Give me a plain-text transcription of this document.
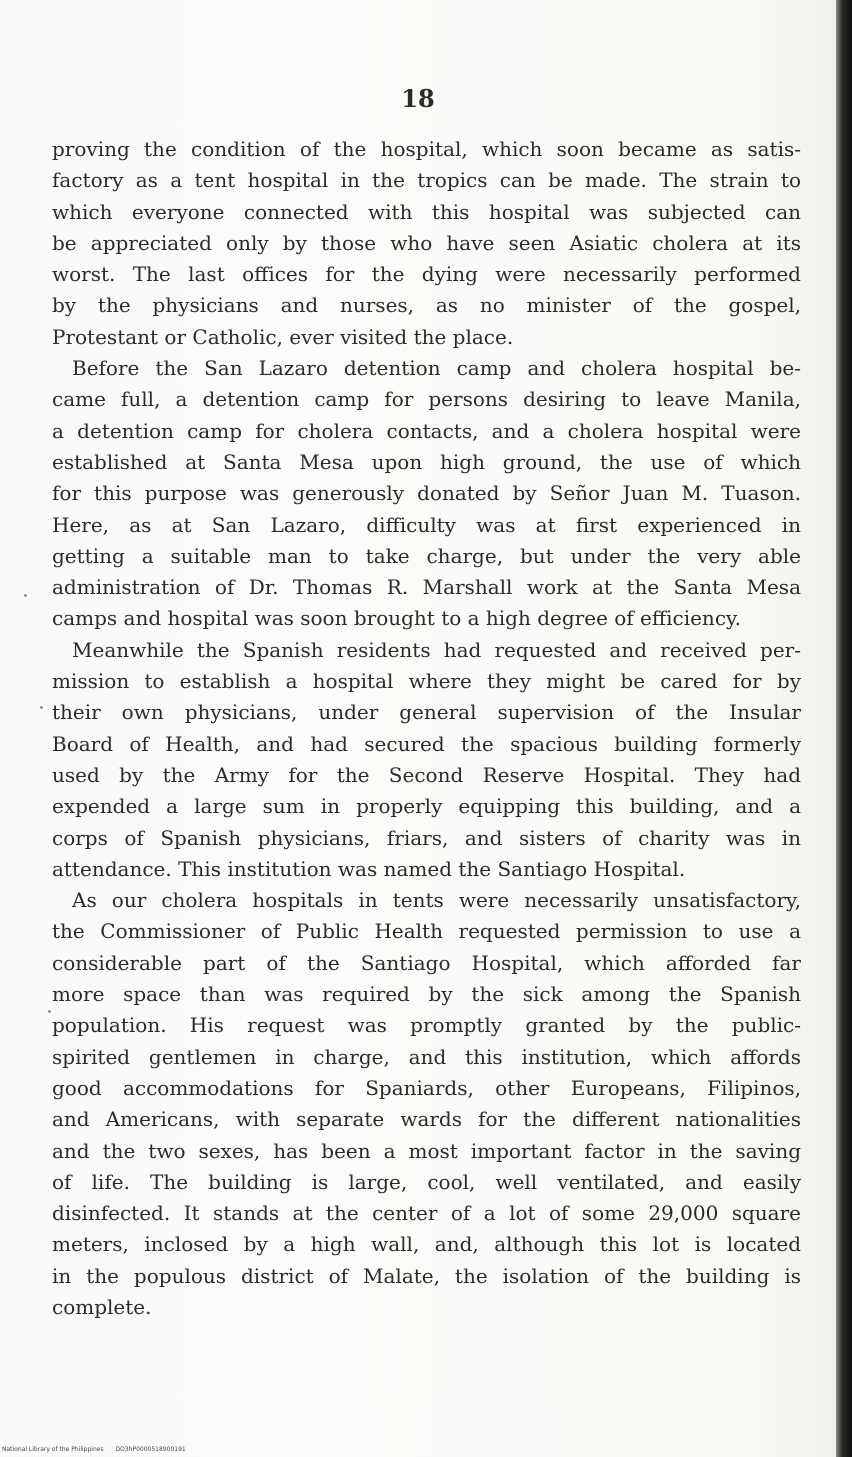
18
proving the condition of the hospital, which soon became as satis-
factory as a tent hospital in the tropics can be made. The strain to
which everyone connected with this hospital was subjected can
be appreciated only by those who have seen Asiatic cholera at its
worst. The last offices for the dying were necessarily performed
by the physicians and nurses, as no minister of the gospel,
Protestant or Catholic, ever visited the place.
Before the San Lazaro detention camp and cholera hospital be-
came full, a detention camp for persons desiring to leave Manila,
a detention camp for cholera contacts, and a cholera hospital were
established at Santa Mesa upon high ground, the use of which
for this purpose was generously donated by Señor Juan M. Tuason.
Here, as at San Lazaro, difficulty was at first experienced in
getting a suitable man to take charge, but under the very able
administration of Dr. Thomas R. Marshall work at the Santa Mesa
camps and hospital was soon brought to a high degree of efficiency.
Meanwhile the Spanish residents had requested and received per-
mission to establish a hospital where they might be cared for by
their own physicians, under general supervision of the Insular
Board of Health, and had secured the spacious building formerly
used by the Army for the Second Reserve Hospital. They had
expended a large sum in properly equipping this building, and a
corps of Spanish physicians, friars, and sisters of charity was in
attendance. This institution was named the Santiago Hospital.
As our cholera hospitals in tents were necessarily unsatisfactory,
the Commissioner of Public Health requested permission to use a
considerable part of the Santiago Hospital, which afforded far
more space than was required by the sick among the Spanish
population. His request was promptly granted by the public-
spirited gentlemen in charge, and this institution, which affords
good accommodations for Spaniards, other Europeans, Filipinos,
and Americans, with separate wards for the different nationalities
and the two sexes, has been a most important factor in the saving
of life. The building is large, cool, well ventilated, and easily
disinfected. It stands at the center of a lot of some 29,000 square
meters, inclosed by a high wall, and, although this lot is located
in the populous district of Malate, the isolation of the building is
complete.
National Library of the Philippines DO3hP0000518900191
